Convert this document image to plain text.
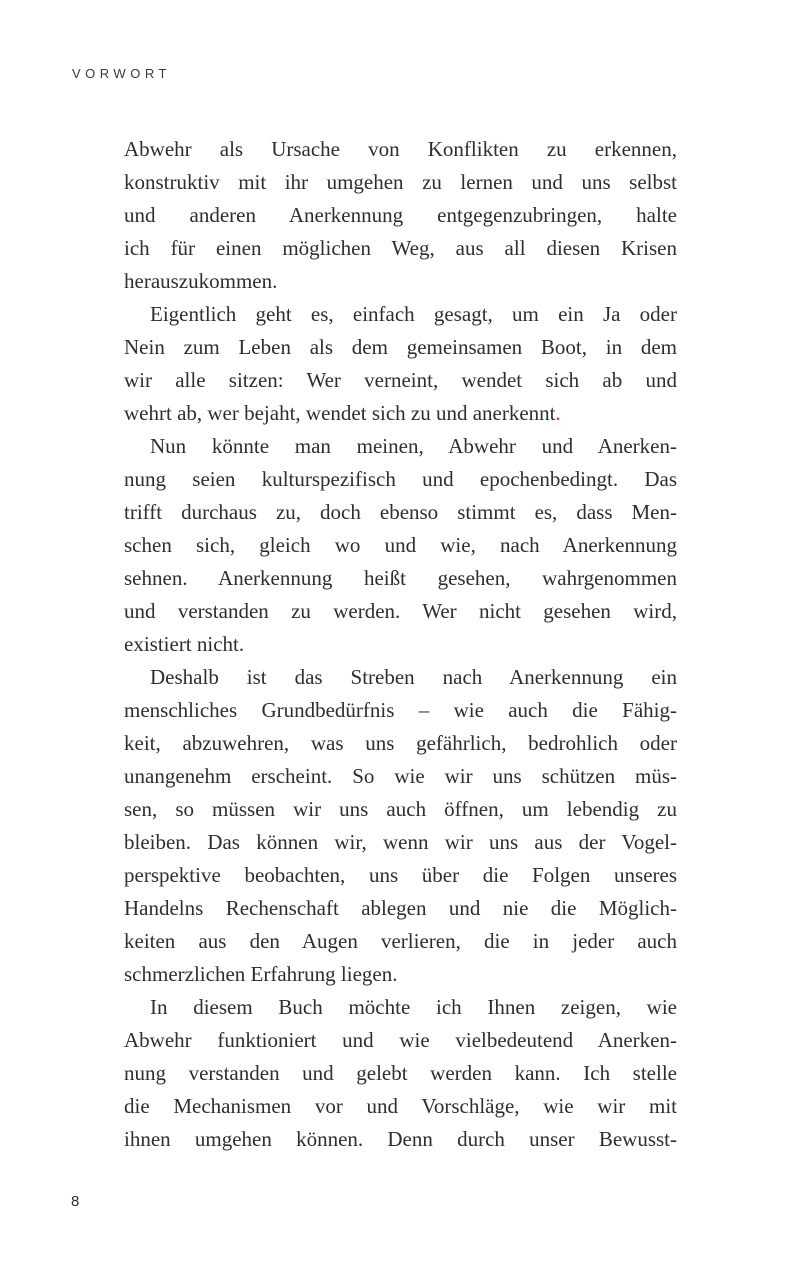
VORWORT
Abwehr als Ursache von Konflikten zu erkennen,
konstruktiv mit ihr umgehen zu lernen und uns selbst
und anderen Anerkennung entgegenzubringen, halte
ich für einen möglichen Weg, aus all diesen Krisen
herauszukommen.
Eigentlich geht es, einfach gesagt, um ein Ja oder
Nein zum Leben als dem gemeinsamen Boot, in dem
wir alle sitzen: Wer verneint, wendet sich ab und
wehrt ab, wer bejaht, wendet sich zu und anerkennt.
Nun könnte man meinen, Abwehr und Anerken-
nung seien kulturspezifisch und epochenbedingt. Das
trifft durchaus zu, doch ebenso stimmt es, dass Men-
schen sich, gleich wo und wie, nach Anerkennung
sehnen. Anerkennung heißt gesehen, wahrgenommen
und verstanden zu werden. Wer nicht gesehen wird,
existiert nicht.
Deshalb ist das Streben nach Anerkennung ein
menschliches Grundbedürfnis – wie auch die Fähig-
keit, abzuwehren, was uns gefährlich, bedrohlich oder
unangenehm erscheint. So wie wir uns schützen müs-
sen, so müssen wir uns auch öffnen, um lebendig zu
bleiben. Das können wir, wenn wir uns aus der Vogel-
perspektive beobachten, uns über die Folgen unseres
Handelns Rechenschaft ablegen und nie die Möglich-
keiten aus den Augen verlieren, die in jeder auch
schmerzlichen Erfahrung liegen.
In diesem Buch möchte ich Ihnen zeigen, wie
Abwehr funktioniert und wie vielbedeutend Anerken-
nung verstanden und gelebt werden kann. Ich stelle
die Mechanismen vor und Vorschläge, wie wir mit
ihnen umgehen können. Denn durch unser Bewusst-
8
